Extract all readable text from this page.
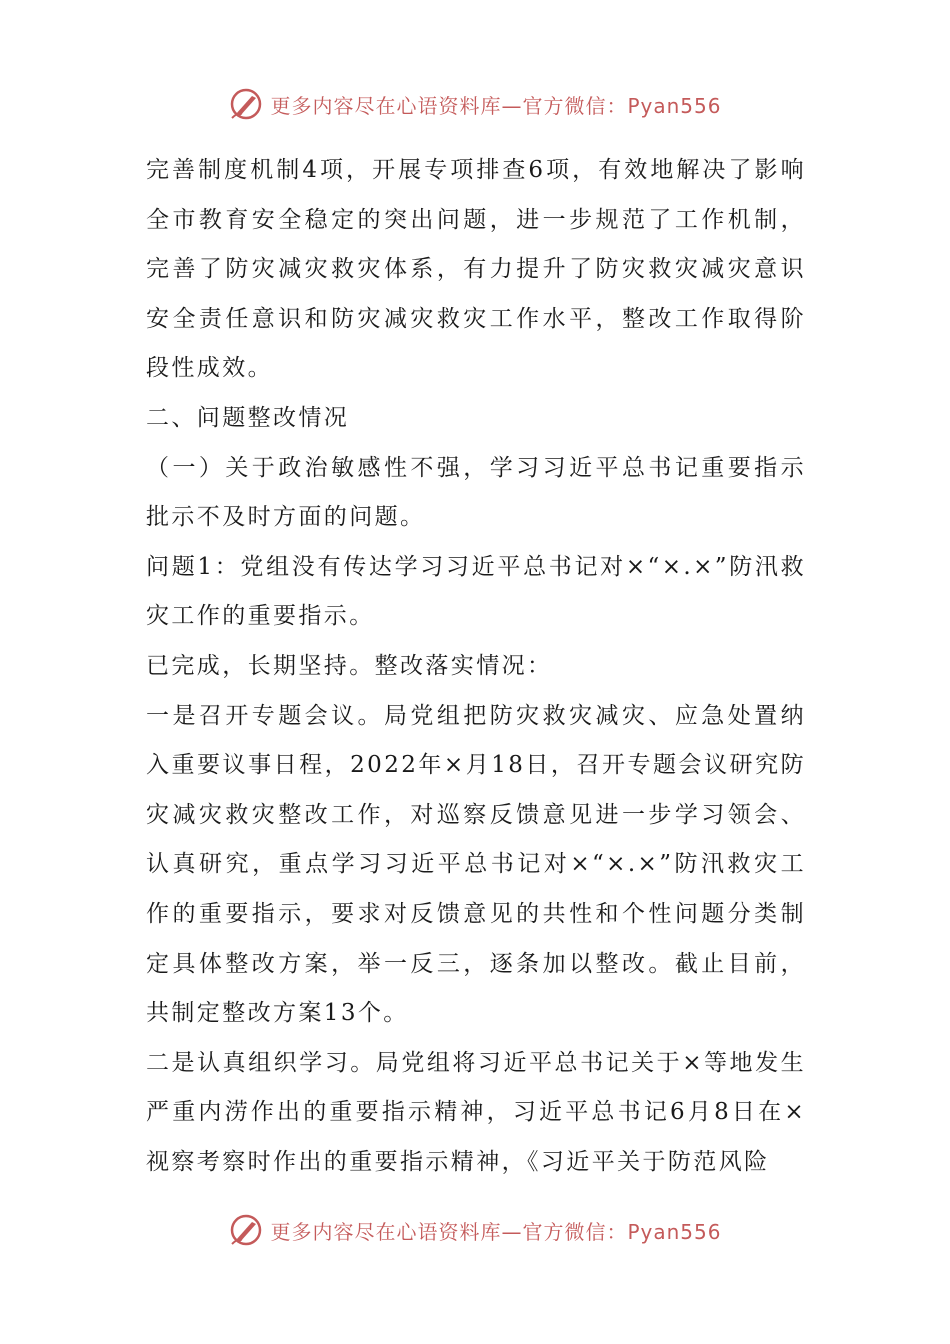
更多内容尽在心语资料库—官方微信：Pyan556

完善制度机制4项，开展专项排查6项，有效地解决了影响全市教育安全稳定的突出问题，进一步规范了工作机制，完善了防灾减灾救灾体系，有力提升了防灾救灾减灾意识安全责任意识和防灾减灾救灾工作水平，整改工作取得阶段性成效。

二、问题整改情况

（一）关于政治敏感性不强，学习习近平总书记重要指示批示不及时方面的问题。

问题1：党组没有传达学习习近平总书记对×“×.×”防汛救灾工作的重要指示。

已完成，长期坚持。整改落实情况：

一是召开专题会议。局党组把防灾救灾减灾、应急处置纳入重要议事日程，2022年×月18日，召开专题会议研究防灾减灾救灾整改工作，对巡察反馈意见进一步学习领会、认真研究，重点学习习近平总书记对×“×.×”防汛救灾工作的重要指示，要求对反馈意见的共性和个性问题分类制定具体整改方案，举一反三，逐条加以整改。截止目前，共制定整改方案13个。

二是认真组织学习。局党组将习近平总书记关于×等地发生严重内涝作出的重要指示精神，习近平总书记6月8日在×视察考察时作出的重要指示精神，《习近平关于防范风险

更多内容尽在心语资料库—官方微信：Pyan556
